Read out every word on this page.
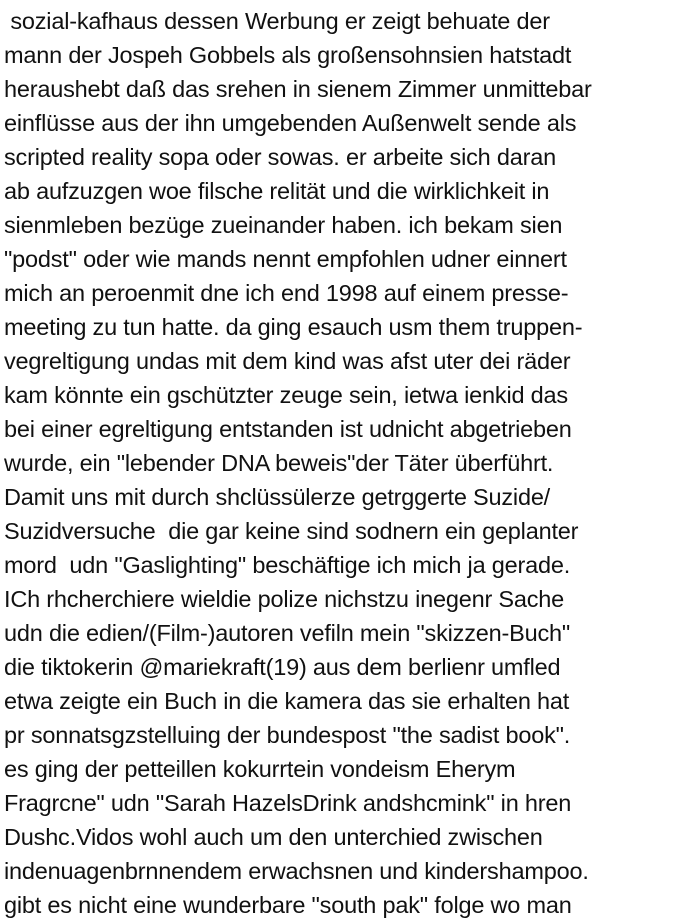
sozial-kafhaus dessen Werbung er zeigt behuate der
mann der Jospeh Gobbels als großensohnsien hatstadt
heraushebt daß das srehen in sienem Zimmer unmittebar
einflüsse aus der ihn umgebenden Außenwelt sende als
scripted reality sopa oder sowas. er arbeite sich daran
ab aufzuzgen woe filsche relität und die wirklichkeit in
sienmleben bezüge zueinander haben. ich bekam sien
"podst" oder wie mands nennt empfohlen udner einnert
mich an peroenmit dne ich end 1998 auf einem presse-
meeting zu tun hatte. da ging esauch usm them truppen-
vegreltigung undas mit dem kind was afst uter dei räder
kam könnte ein gschützter zeuge sein, ietwa ienkid das
bei einer egreltigung entstanden ist udnicht abgetrieben
wurde, ein "lebender DNA beweis"der Täter überführt.
Damit uns mit durch shclüssülerze getrggerte Suzide/
Suzidversuche  die gar keine sind sodnern ein geplanter
mord  udn "Gaslighting" beschäftige ich mich ja gerade.
ICh rhcherchiere wieldie polize nichstzu inegenr Sache
udn die edien/(Film-)autoren vefiln mein "skizzen-Buch"
die tiktokerin @mariekraft(19) aus dem berlienr umfled
etwa zeigte ein Buch in die kamera das sie erhalten hat
pr sonnatsgzstelluing der bundespost "the sadist book".
es ging der petteillen kokurrtein vondeism Eherym
Fragrcne" udn "Sarah HazelsDrink andshcmink" in hren
Dushc.Vidos wohl auch um den unterchied zwischen
indenuagenbrnnendem erwachsnen und kindershampoo.
gibt es nicht eine wunderbare "south pak" folge wo man
